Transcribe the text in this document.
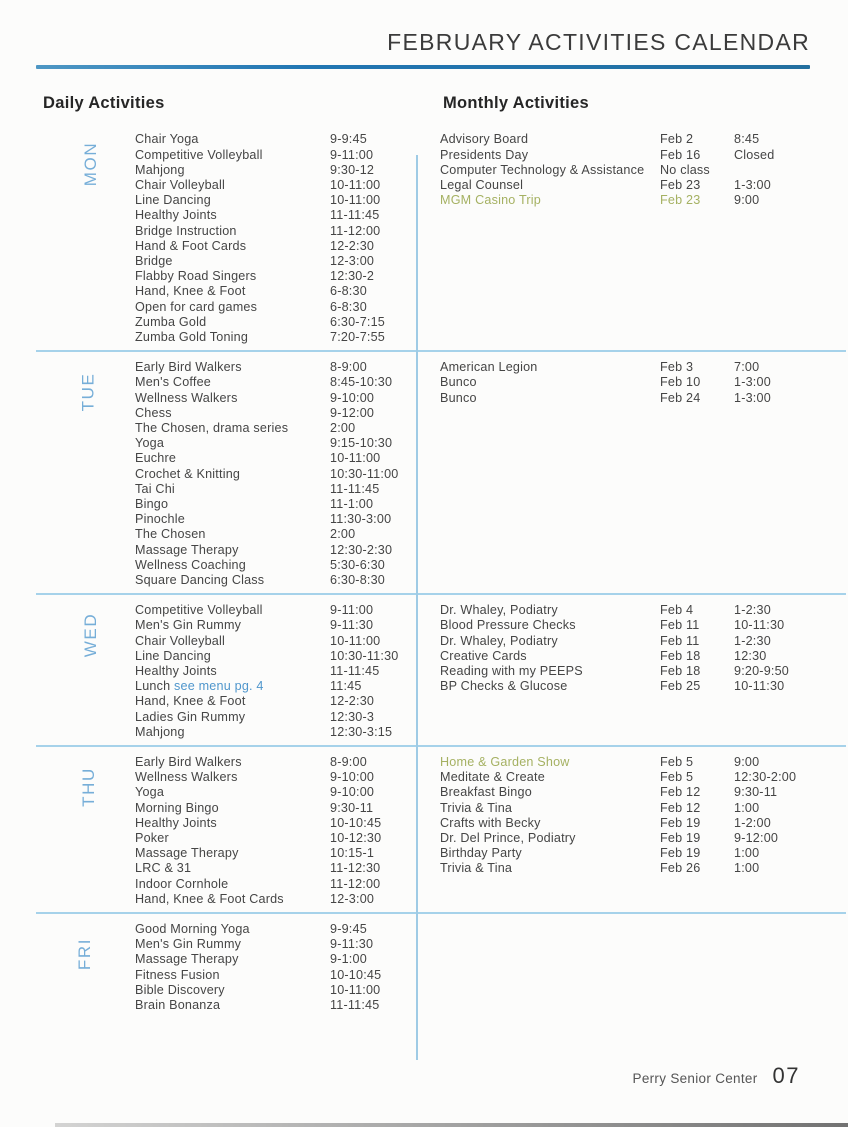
FEBRUARY ACTIVITIES CALENDAR
Daily Activities	Monthly Activities
MON
Chair Yoga	9-9:45
Competitive Volleyball	9-11:00
Mahjong	9:30-12
Chair Volleyball	10-11:00
Line Dancing	10-11:00
Healthy Joints	11-11:45
Bridge Instruction	11-12:00
Hand & Foot Cards	12-2:30
Bridge	12-3:00
Flabby Road Singers	12:30-2
Hand, Knee & Foot	6-8:30
Open for card games	6-8:30
Zumba Gold	6:30-7:15
Zumba Gold Toning	7:20-7:55
Advisory Board	Feb 2	8:45
Presidents Day	Feb 16	Closed
Computer Technology & Assistance	No class
Legal Counsel	Feb 23	1-3:00
MGM Casino Trip	Feb 23	9:00
TUE
Early Bird Walkers	8-9:00
Men's Coffee	8:45-10:30
Wellness Walkers	9-10:00
Chess	9-12:00
The Chosen, drama series	2:00
Yoga	9:15-10:30
Euchre	10-11:00
Crochet & Knitting	10:30-11:00
Tai Chi	11-11:45
Bingo	11-1:00
Pinochle	11:30-3:00
The Chosen	2:00
Massage Therapy	12:30-2:30
Wellness Coaching	5:30-6:30
Square Dancing Class	6:30-8:30
American Legion	Feb 3	7:00
Bunco	Feb 10	1-3:00
Bunco	Feb 24	1-3:00
WED
Competitive Volleyball	9-11:00
Men's Gin Rummy	9-11:30
Chair Volleyball	10-11:00
Line Dancing	10:30-11:30
Healthy Joints	11-11:45
Lunch see menu pg. 4	11:45
Hand, Knee & Foot	12-2:30
Ladies Gin Rummy	12:30-3
Mahjong	12:30-3:15
Dr. Whaley, Podiatry	Feb 4	1-2:30
Blood Pressure Checks	Feb 11	10-11:30
Dr. Whaley, Podiatry	Feb 11	1-2:30
Creative Cards	Feb 18	12:30
Reading with my PEEPS	Feb 18	9:20-9:50
BP Checks & Glucose	Feb 25	10-11:30
THU
Early Bird Walkers	8-9:00
Wellness Walkers	9-10:00
Yoga	9-10:00
Morning Bingo	9:30-11
Healthy Joints	10-10:45
Poker	10-12:30
Massage Therapy	10:15-1
LRC & 31	11-12:30
Indoor Cornhole	11-12:00
Hand, Knee & Foot Cards	12-3:00
Home & Garden Show	Feb 5	9:00
Meditate & Create	Feb 5	12:30-2:00
Breakfast Bingo	Feb 12	9:30-11
Trivia & Tina	Feb 12	1:00
Crafts with Becky	Feb 19	1-2:00
Dr. Del Prince, Podiatry	Feb 19	9-12:00
Birthday Party	Feb 19	1:00
Trivia & Tina	Feb 26	1:00
FRI
Good Morning Yoga	9-9:45
Men's Gin Rummy	9-11:30
Massage Therapy	9-1:00
Fitness Fusion	10-10:45
Bible Discovery	10-11:00
Brain Bonanza	11-11:45
Perry Senior Center 07
